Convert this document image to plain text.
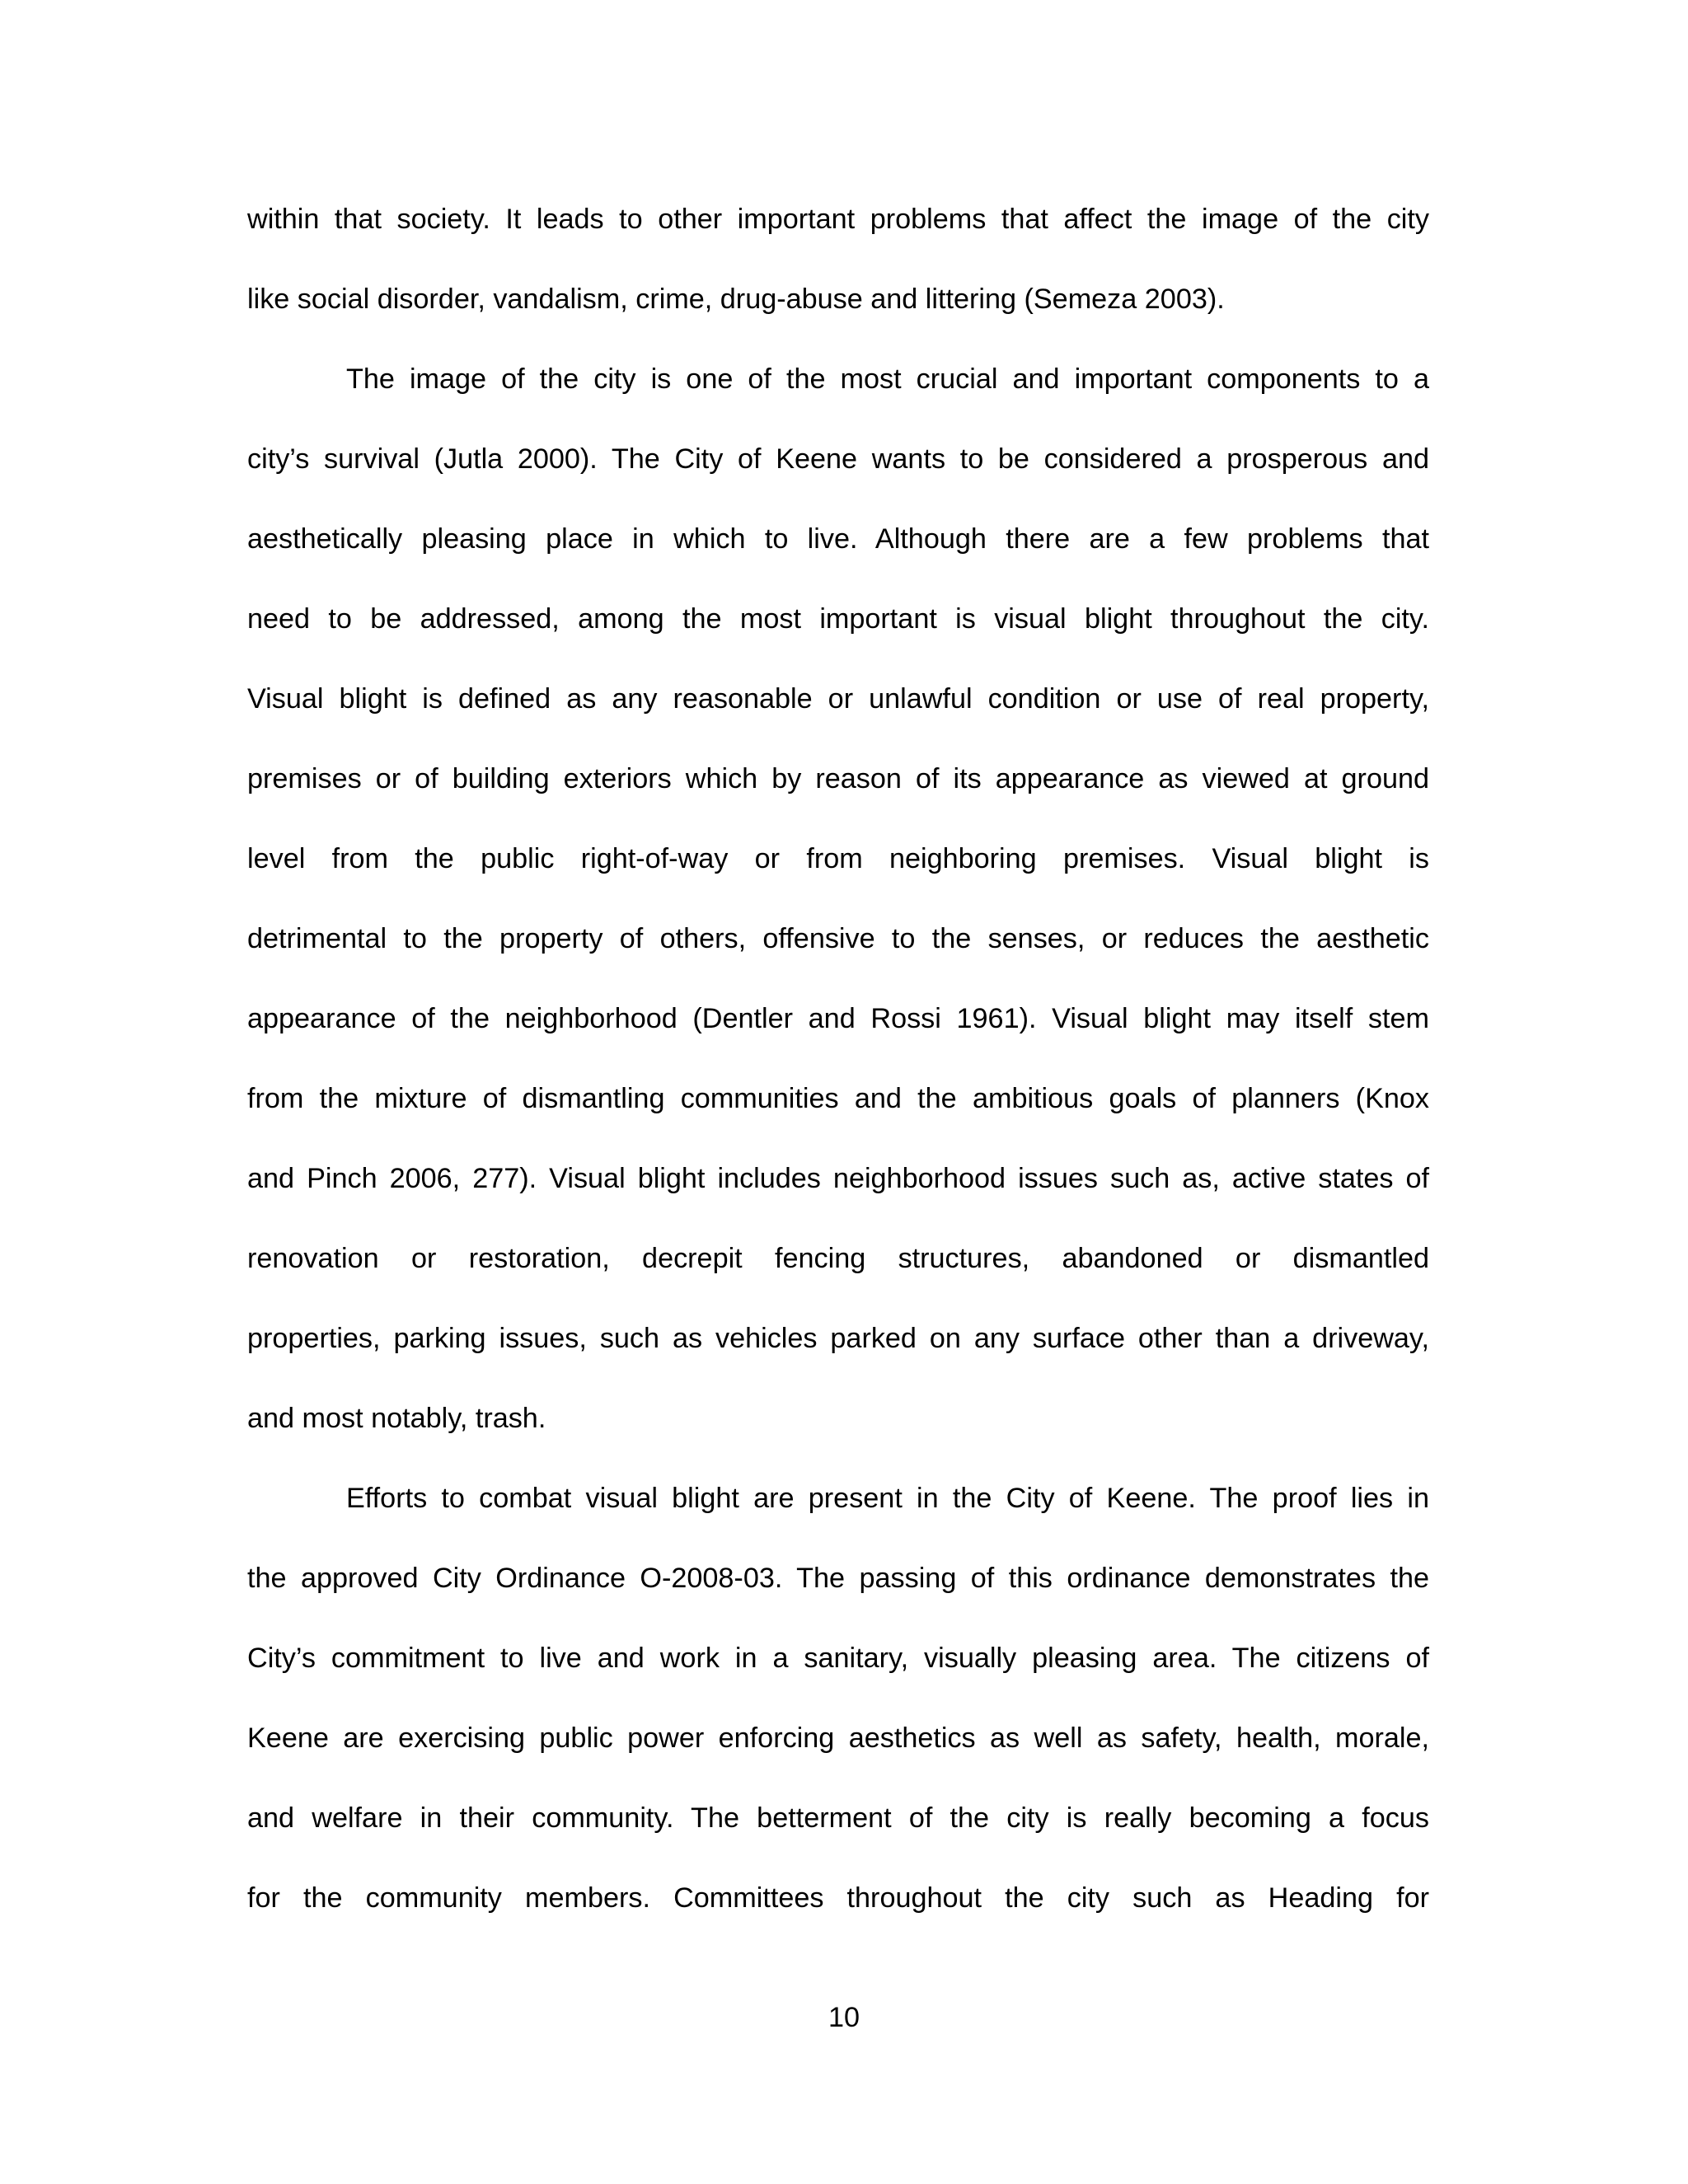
within that society. It leads to other important problems that affect the image of the city
like social disorder, vandalism, crime, drug-abuse and littering (Semeza 2003).
The image of the city is one of the most crucial and important components to a
city’s survival (Jutla 2000). The City of Keene wants to be considered a prosperous and
aesthetically pleasing place in which to live. Although there are a few problems that
need to be addressed, among the most important is visual blight throughout the city.
Visual blight is defined as any reasonable or unlawful condition or use of real property,
premises or of building exteriors which by reason of its appearance as viewed at ground
level from the public right-of-way or from neighboring premises. Visual blight is
detrimental to the property of others, offensive to the senses, or reduces the aesthetic
appearance of the neighborhood (Dentler and Rossi 1961). Visual blight may itself stem
from the mixture of dismantling communities and the ambitious goals of planners (Knox
and Pinch 2006, 277). Visual blight includes neighborhood issues such as, active states of
renovation or restoration, decrepit fencing structures, abandoned or dismantled
properties, parking issues, such as vehicles parked on any surface other than a driveway,
and most notably, trash.
Efforts to combat visual blight are present in the City of Keene. The proof lies in
the approved City Ordinance O-2008-03. The passing of this ordinance demonstrates the
City’s commitment to live and work in a sanitary, visually pleasing area. The citizens of
Keene are exercising public power enforcing aesthetics as well as safety, health, morale,
and welfare in their community. The betterment of the city is really becoming a focus
for the community members. Committees throughout the city such as Heading for
10
